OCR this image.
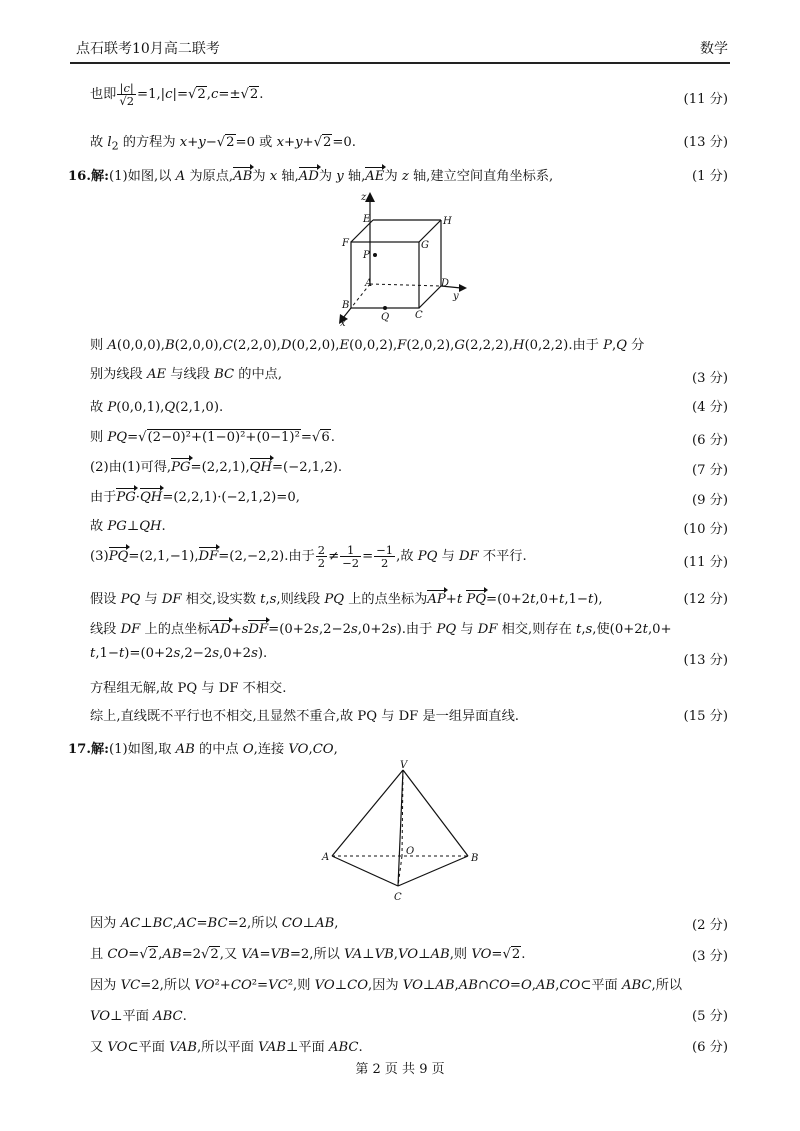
点石联考10月高二联考	数学
也即 $\frac{|c|}{√2} =1,|c|=√2,c=\pm√2$.	(11 分)
故 $l_2$ 的方程为 x+y−√2=0 或 x+y+√2=0.	(13 分)
16.解:(1)如图,以 A 为原点,AB为 x 轴,AD为 y 轴,AE为 z 轴,建立空间直角坐标系,	(1 分)
z
E	H
F	G
P
A	D
y
B
Q	C
x
则 A(0,0,0),B(2,0,0),C(2,2,0),D(0,2,0),E(0,0,2),F(2,0,2),G(2,2,2),H(0,2,2).由于 P,Q 分
别为线段 AE 与线段 BC 的中点,	(3 分)
故 P(0,0,1),Q(2,1,0).	(4 分)
则 PQ=√(2−0)²+(1−0)²+(0−1)²=√6.	(6 分)
(2)由(1)可得,PG=(2,2,1),QH=(−2,1,2).	(7 分)
由于PG·QH=(2,2,1)·(−2,1,2)=0,	(9 分)
故 PG⊥QH.	(10 分)
(3)PQ=(2,1,−1),DF=(2,−2,2).由于 $\frac{2}{2} \ne \frac{1}{-2} = \frac{-1}{2}$ ,故 PQ 与 DF 不平行.	(11 分)
假设 PQ 与 DF 相交,设实数 t,s,则线段 PQ 上的点坐标为AP+t PQ=(0+2t,0+t,1−t),	(12 分)
线段 DF 上的点坐标AD+sDF=(0+2s,2−2s,0+2s).由于 PQ 与 DF 相交,则存在 t,s,使(0+2t,0+
t,1−t)=(0+2s,2−2s,0+2s).	(13 分)
方程组无解,故 PQ 与 DF 不相交.
综上,直线既不平行也不相交,且显然不重合,故 PQ 与 DF 是一组异面直线.	(15 分)
17.解:(1)如图,取 AB 的中点 O,连接 VO,CO,
V
A
O
B
C
因为 AC⊥BC,AC=BC=2,所以 CO⊥AB,	(2 分)
且 CO=√2,AB=2√2,又 VA=VB=2,所以 VA⊥VB,VO⊥AB,则 VO=√2.	(3 分)
因为 VC=2,所以 VO²+CO²=VC²,则 VO⊥CO,因为 VO⊥AB,AB∩CO=O,AB,CO⊂平面 ABC,所以
VO⊥平面 ABC.	(5 分)
又 VO⊂平面 VAB,所以平面 VAB⊥平面 ABC.	(6 分)
第 2 页 共 9 页
